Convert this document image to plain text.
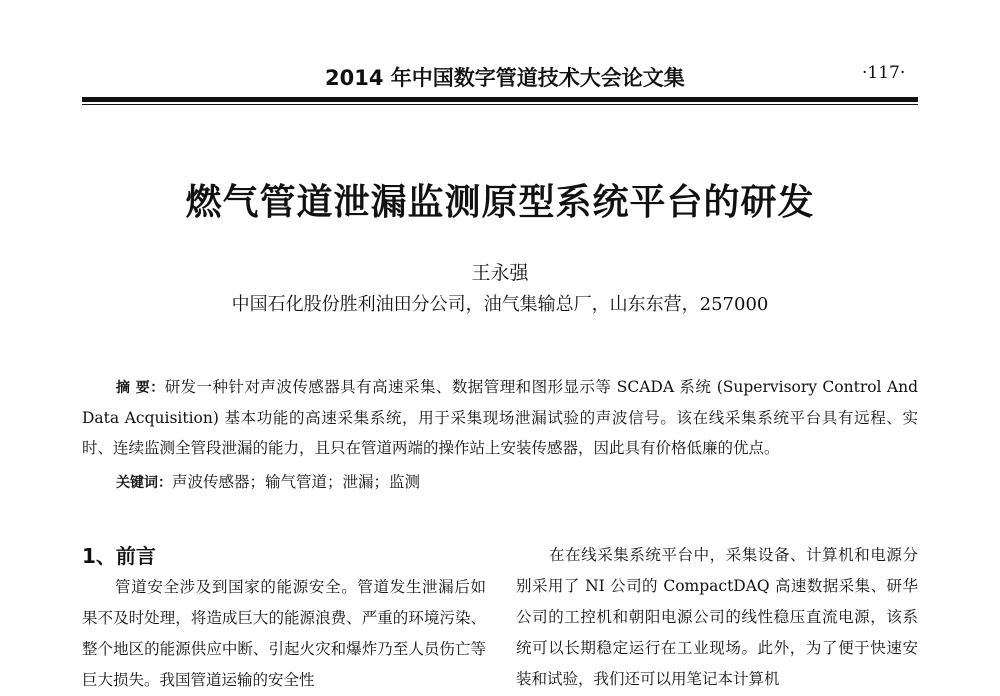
2014 年中国数字管道技术大会论文集	·117·
燃气管道泄漏监测原型系统平台的研发
王永强
中国石化股份胜利油田分公司，油气集输总厂，山东东营，257000
摘 要：研发一种针对声波传感器具有高速采集、数据管理和图形显示等 SCADA 系统 (Supervisory Control And Data Acquisition) 基本功能的高速采集系统，用于采集现场泄漏试验的声波信号。该在线采集系统平台具有远程、实时、连续监测全管段泄漏的能力，且只在管道两端的操作站上安装传感器，因此具有价格低廉的优点。
关键词：声波传感器；输气管道；泄漏；监测
1、前言
管道安全涉及到国家的能源安全。管道发生泄漏后如果不及时处理，将造成巨大的能源浪费、严重的环境污染、整个地区的能源供应中断、引起火灾和爆炸乃至人员伤亡等巨大损失。我国管道运输的安全性
在在线采集系统平台中，采集设备、计算机和电源分别采用了 NI 公司的 CompactDAQ 高速数据采集、研华公司的工控机和朝阳电源公司的线性稳压直流电源，该系统可以长期稳定运行在工业现场。此外，为了便于快速安装和试验，我们还可以用笔记本计算机
